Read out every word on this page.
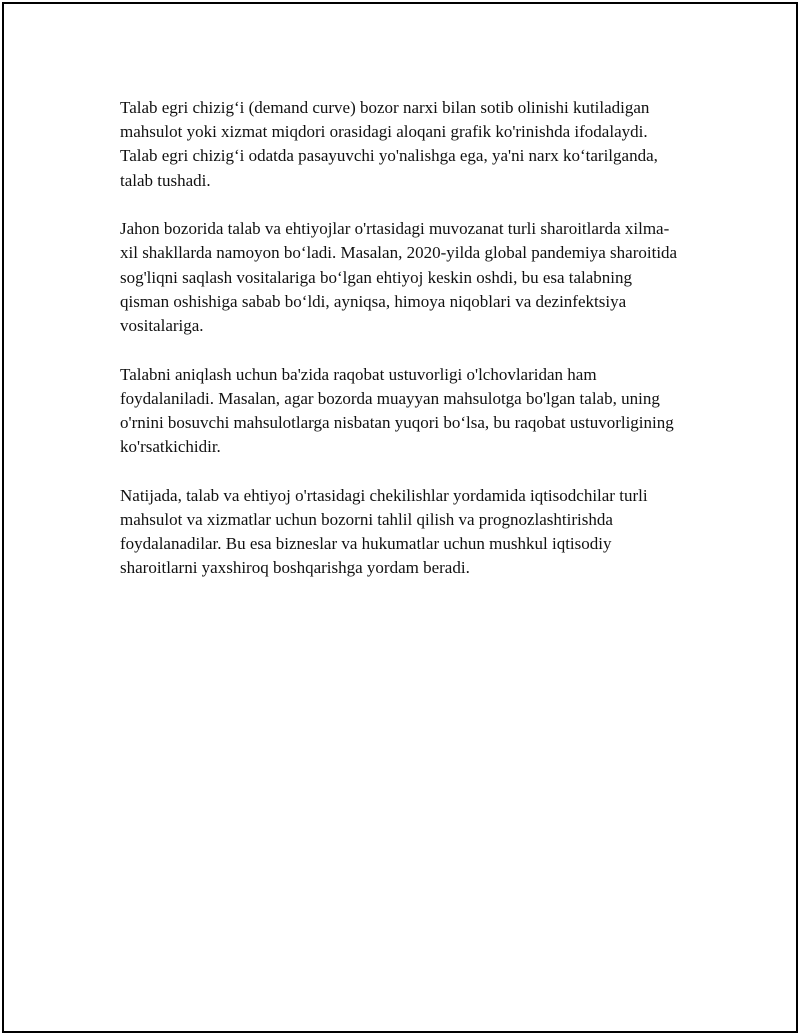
Talab egri chizig‘i (demand curve) bozor narxi bilan sotib olinishi kutiladigan mahsulot yoki xizmat miqdori orasidagi aloqani grafik ko'rinishda ifodalaydi. Talab egri chizig‘i odatda pasayuvchi yo'nalishga ega, ya'ni narx ko‘tarilganda, talab tushadi.

Jahon bozorida talab va ehtiyojlar o'rtasidagi muvozanat turli sharoitlarda xilma-xil shakllarda namoyon bo‘ladi. Masalan, 2020-yilda global pandemiya sharoitida sog'liqni saqlash vositalariga bo‘lgan ehtiyoj keskin oshdi, bu esa talabning qisman oshishiga sabab bo‘ldi, ayniqsa, himoya niqoblari va dezinfektsiya vositalariga.

Talabni aniqlash uchun ba'zida raqobat ustuvorligi o'lchovlaridan ham foydalaniladi. Masalan, agar bozorda muayyan mahsulotga bo'lgan talab, uning o'rnini bosuvchi mahsulotlarga nisbatan yuqori bo‘lsa, bu raqobat ustuvorligining ko'rsatkichidir.

Natijada, talab va ehtiyoj o'rtasidagi chekilishlar yordamida iqtisodchilar turli mahsulot va xizmatlar uchun bozorni tahlil qilish va prognozlashtirishda foydalanadilar. Bu esa bizneslar va hukumatlar uchun mushkul iqtisodiy sharoitlarni yaxshiroq boshqarishga yordam beradi.
